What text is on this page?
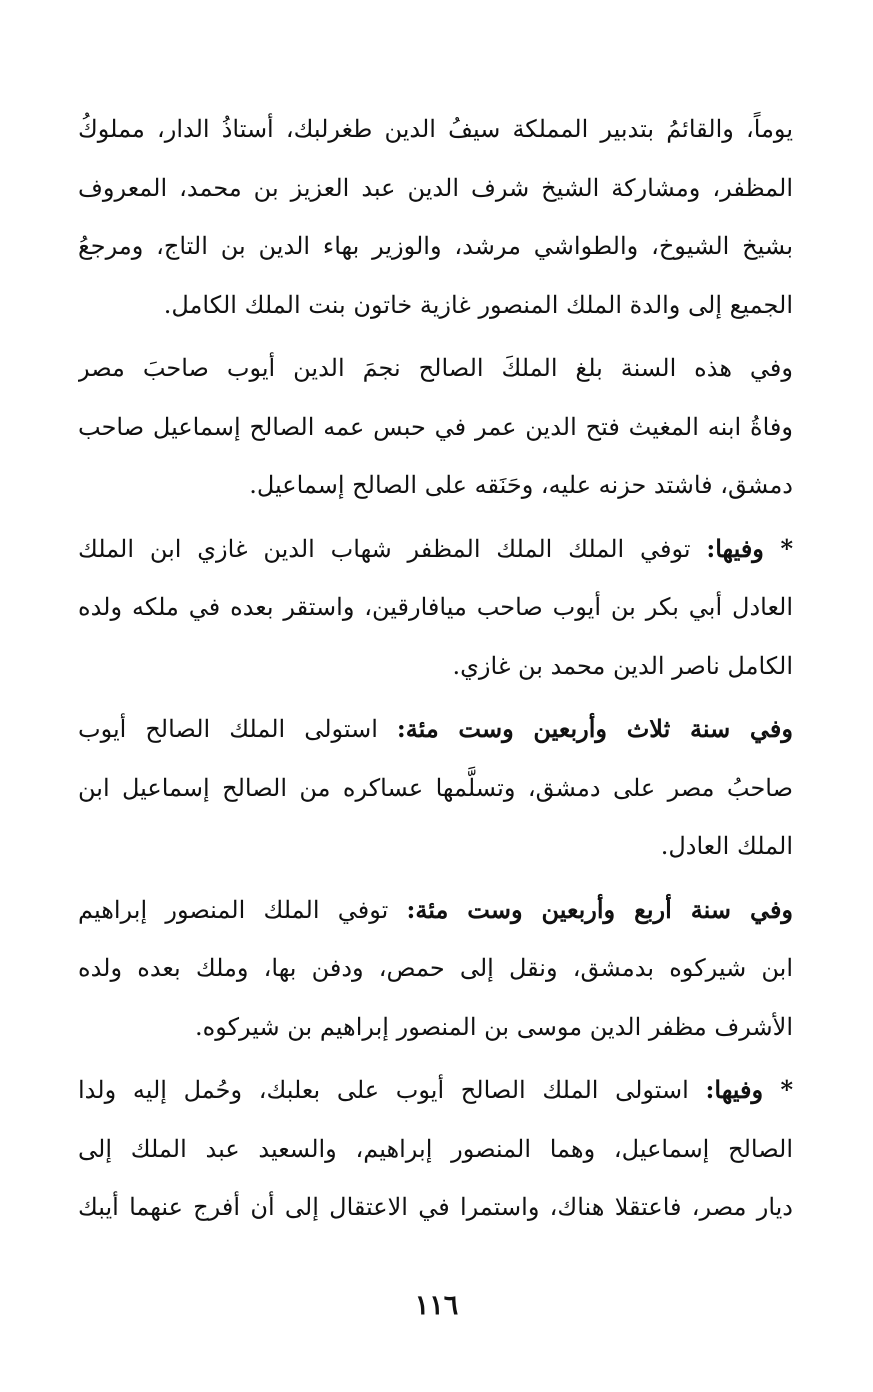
يوماً، والقائمُ بتدبير المملكة سيفُ الدين طغرلبك، أستاذُ الدار، مملوكُ
المظفر، ومشاركة الشيخ شرف الدين عبد العزيز بن محمد، المعروف
بشيخ الشيوخ، والطواشي مرشد، والوزير بهاء الدين بن التاج، ومرجعُ
الجميع إلى والدة الملك المنصور غازية خاتون بنت الملك الكامل.
وفي هذه السنة بلغ الملكَ الصالح نجمَ الدين أيوب صاحبَ مصر
وفاةُ ابنه المغيث فتح الدين عمر في حبس عمه الصالح إسماعيل صاحب
دمشق، فاشتد حزنه عليه، وحَنَقه على الصالح إسماعيل.
* وفيها: توفي الملك الملك المظفر شهاب الدين غازي ابن الملك
العادل أبي بكر بن أيوب صاحب ميافارقين، واستقر بعده في ملكه ولده
الكامل ناصر الدين محمد بن غازي.
وفي سنة ثلاث وأربعين وست مئة: استولى الملك الصالح أيوب
صاحبُ مصر على دمشق، وتسلَّمها عساكره من الصالح إسماعيل ابن
الملك العادل.
وفي سنة أربع وأربعين وست مئة: توفي الملك المنصور إبراهيم
ابن شيركوه بدمشق، ونقل إلى حمص، ودفن بها، وملك بعده ولده
الأشرف مظفر الدين موسى بن المنصور إبراهيم بن شيركوه.
* وفيها: استولى الملك الصالح أيوب على بعلبك، وحُمل إليه ولدا
الصالح إسماعيل، وهما المنصور إبراهيم، والسعيد عبد الملك إلى
ديار مصر، فاعتقلا هناك، واستمرا في الاعتقال إلى أن أفرج عنهما أيبك
١١٦
